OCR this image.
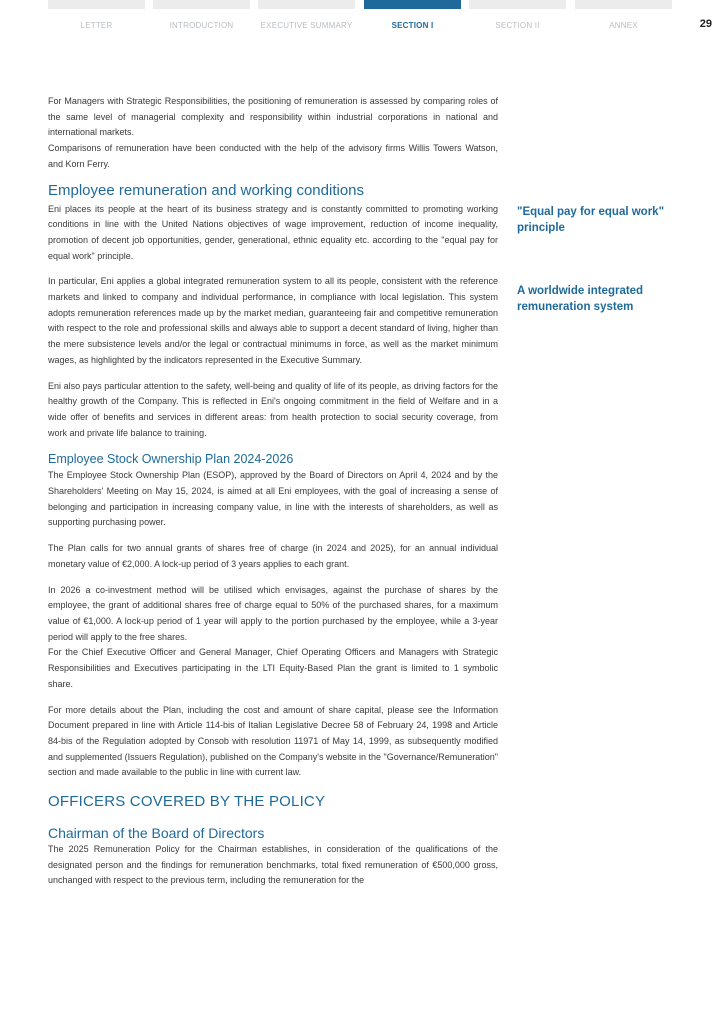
LETTER	INTRODUCTION	EXECUTIVE SUMMARY	SECTION I	SECTION II	ANNEX	29

For Managers with Strategic Responsibilities, the positioning of remuneration is assessed by comparing roles of the same level of managerial complexity and responsibility within industrial corporations in national and international markets.

Comparisons of remuneration have been conducted with the help of the advisory firms Willis Towers Watson, and Korn Ferry.

Employee remuneration and working conditions

Eni places its people at the heart of its business strategy and is constantly committed to promoting working conditions in line with the United Nations objectives of wage improvement, reduction of income inequality, promotion of decent job opportunities, gender, generational, ethnic equality etc. according to the "equal pay for equal work" principle.

In particular, Eni applies a global integrated remuneration system to all its people, consistent with the reference markets and linked to company and individual performance, in compliance with local legislation. This system adopts remuneration references made up by the market median, guaranteeing fair and competitive remuneration with respect to the role and professional skills and always able to support a decent standard of living, higher than the mere subsistence levels and/or the legal or contractual minimums in force, as well as the market minimum wages, as highlighted by the indicators represented in the Executive Summary.

Eni also pays particular attention to the safety, well-being and quality of life of its people, as driving factors for the healthy growth of the Company. This is reflected in Eni's ongoing commitment in the field of Welfare and in a wide offer of benefits and services in different areas: from health protection to social security coverage, from work and private life balance to training.

Employee Stock Ownership Plan 2024-2026

The Employee Stock Ownership Plan (ESOP), approved by the Board of Directors on April 4, 2024 and by the Shareholders' Meeting on May 15, 2024, is aimed at all Eni employees, with the goal of increasing a sense of belonging and participation in increasing company value, in line with the interests of shareholders, as well as supporting purchasing power.

The Plan calls for two annual grants of shares free of charge (in 2024 and 2025), for an annual individual monetary value of €2,000. A lock-up period of 3 years applies to each grant.

In 2026 a co-investment method will be utilised which envisages, against the purchase of shares by the employee, the grant of additional shares free of charge equal to 50% of the purchased shares, for a maximum value of €1,000. A lock-up period of 1 year will apply to the portion purchased by the employee, while a 3-year period will apply to the free shares.

For the Chief Executive Officer and General Manager, Chief Operating Officers and Managers with Strategic Responsibilities and Executives participating in the LTI Equity-Based Plan the grant is limited to 1 symbolic share.

For more details about the Plan, including the cost and amount of share capital, please see the Information Document prepared in line with Article 114-bis of Italian Legislative Decree 58 of February 24, 1998 and Article 84-bis of the Regulation adopted by Consob with resolution 11971 of May 14, 1999, as subsequently modified and supplemented (Issuers Regulation), published on the Company's website in the "Governance/Remuneration" section and made available to the public in line with current law.

OFFICERS COVERED BY THE POLICY
Chairman of the Board of Directors

The 2025 Remuneration Policy for the Chairman establishes, in consideration of the qualifications of the designated person and the findings for remuneration benchmarks, total fixed remuneration of €500,000 gross, unchanged with respect to the previous term, including the remuneration for the

"Equal pay for equal work" principle
A worldwide integrated remuneration system
